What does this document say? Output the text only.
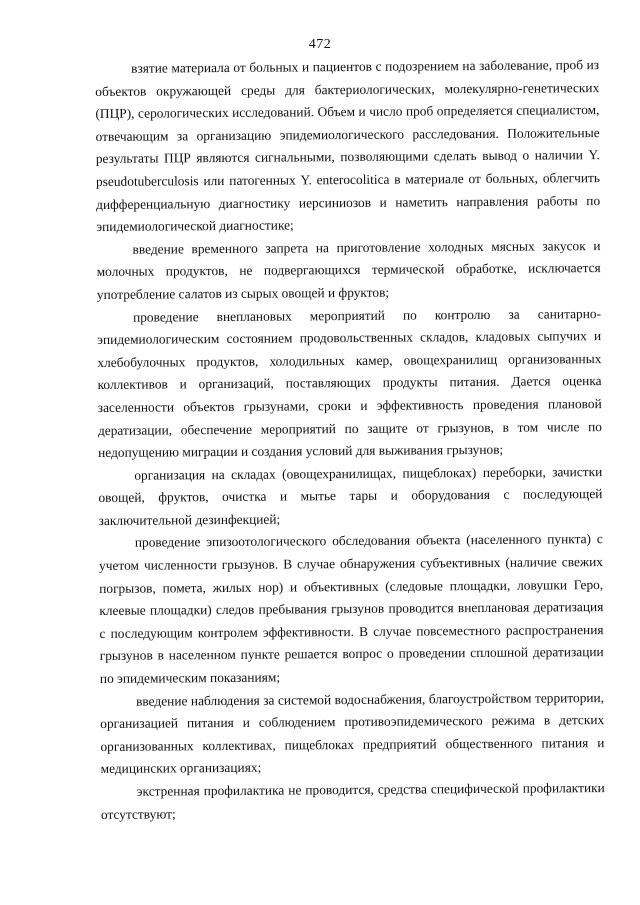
472

взятие материала от больных и пациентов с подозрением на заболевание, проб из объектов окружающей среды для бактериологических, молекулярно-генетических (ПЦР), серологических исследований. Объем и число проб определяется специалистом, отвечающим за организацию эпидемиологического расследования. Положительные результаты ПЦР являются сигнальными, позволяющими сделать вывод о наличии Y. pseudotuberculosis или патогенных Y. enterocolitica в материале от больных, облегчить дифференциальную диагностику иерсиниозов и наметить направления работы по эпидемиологической диагностике;

введение временного запрета на приготовление холодных мясных закусок и молочных продуктов, не подвергающихся термической обработке, исключается употребление салатов из сырых овощей и фруктов;

проведение внеплановых мероприятий по контролю за санитарно-эпидемиологическим состоянием продовольственных складов, кладовых сыпучих и хлебобулочных продуктов, холодильных камер, овощехранилищ организованных коллективов и организаций, поставляющих продукты питания. Дается оценка заселенности объектов грызунами, сроки и эффективность проведения плановой дератизации, обеспечение мероприятий по защите от грызунов, в том числе по недопущению миграции и создания условий для выживания грызунов;

организация на складах (овощехранилищах, пищеблоках) переборки, зачистки овощей, фруктов, очистка и мытье тары и оборудования с последующей заключительной дезинфекцией;

проведение эпизоотологического обследования объекта (населенного пункта) с учетом численности грызунов. В случае обнаружения субъективных (наличие свежих погрызов, помета, жилых нор) и объективных (следовые площадки, ловушки Геро, клеевые площадки) следов пребывания грызунов проводится внеплановая дератизация с последующим контролем эффективности. В случае повсеместного распространения грызунов в населенном пункте решается вопрос о проведении сплошной дератизации по эпидемическим показаниям;

введение наблюдения за системой водоснабжения, благоустройством территории, организацией питания и соблюдением противоэпидемического режима в детских организованных коллективах, пищеблоках предприятий общественного питания и медицинских организациях;

экстренная профилактика не проводится, средства специфической профилактики отсутствуют;
